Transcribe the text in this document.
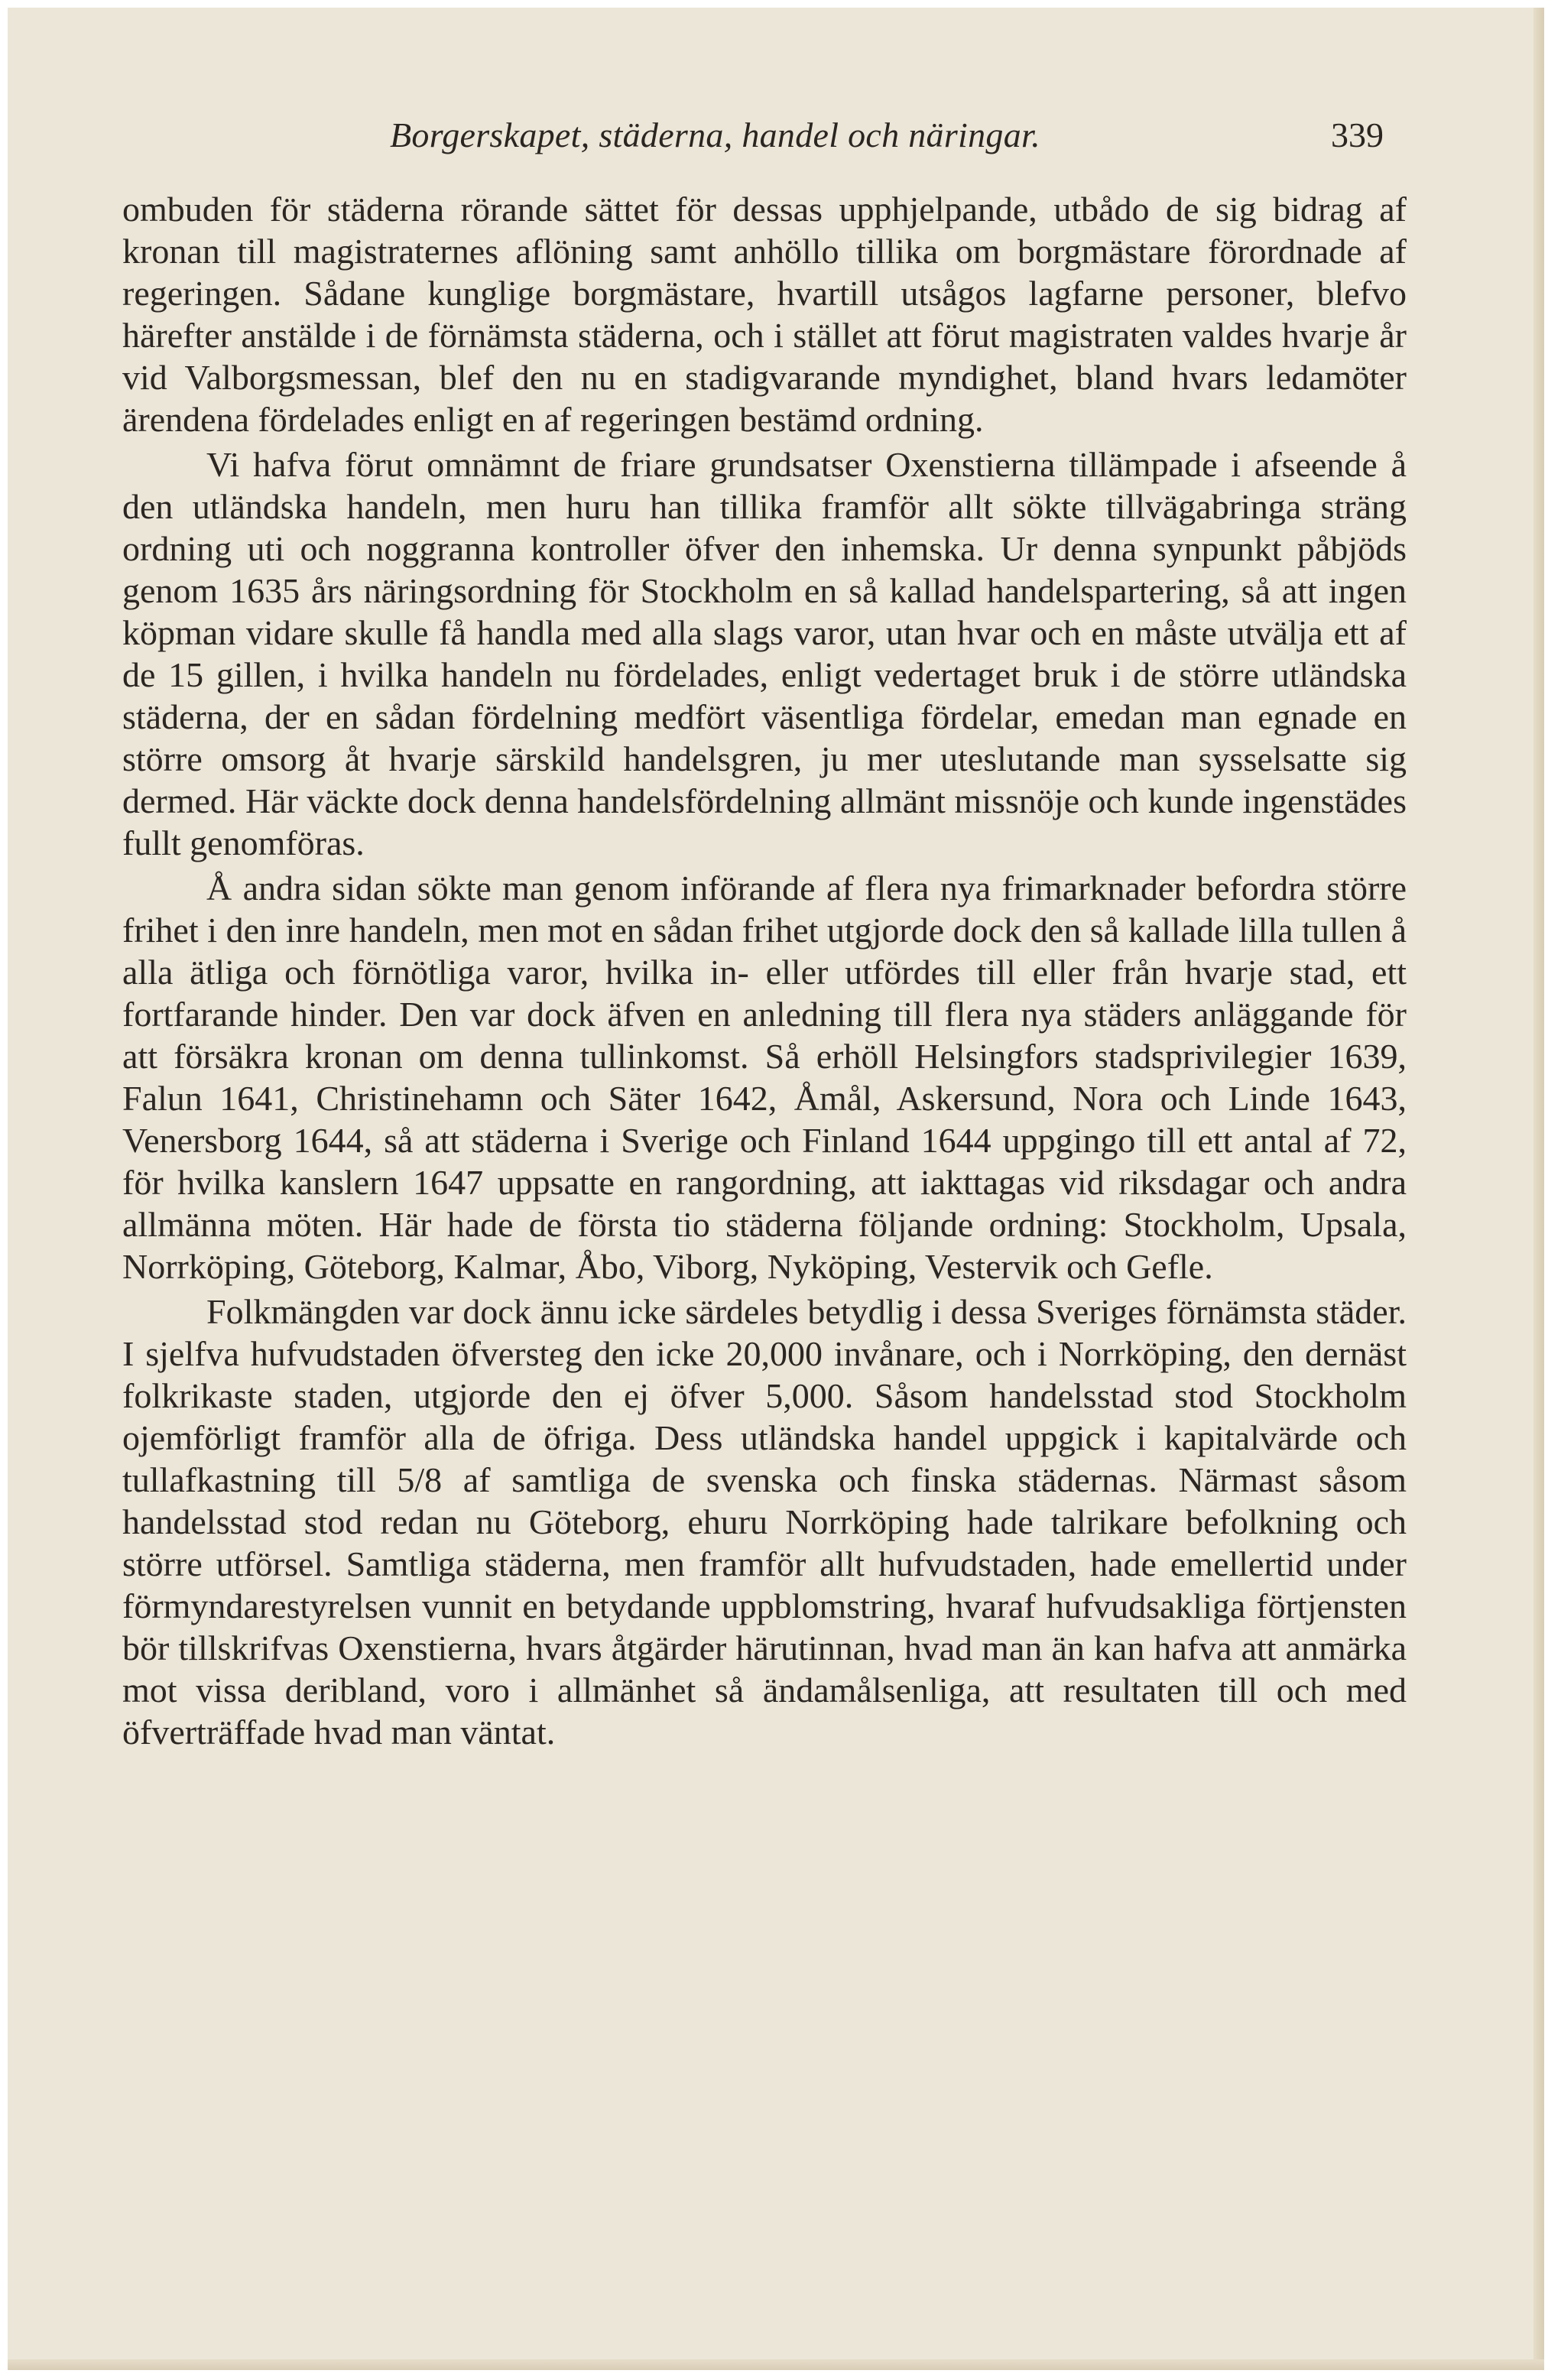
Borgerskapet, städerna, handel och näringar.	339

ombuden för städerna rörande sättet för dessas upphjelpande, utbådo de sig bidrag af kronan till magistraternes aflöning samt anhöllo tillika om borgmästare förordnade af regeringen. Sådane kunglige borgmästare, hvartill utsågos lagfarne personer, blefvo härefter anstälde i de förnämsta städerna, och i stället att förut magistraten valdes hvarje år vid Valborgsmessan, blef den nu en stadigvarande myndighet, bland hvars ledamöter ärendena fördelades enligt en af regeringen bestämd ordning.

Vi hafva förut omnämnt de friare grundsatser Oxenstierna tillämpade i afseende å den utländska handeln, men huru han tillika framför allt sökte tillvägabringa sträng ordning uti och noggranna kontroller öfver den inhemska. Ur denna synpunkt påbjöds genom 1635 års näringsordning för Stockholm en så kallad handelspartering, så att ingen köpman vidare skulle få handla med alla slags varor, utan hvar och en måste utvälja ett af de 15 gillen, i hvilka handeln nu fördelades, enligt vedertaget bruk i de större utländska städerna, der en sådan fördelning medfört väsentliga fördelar, emedan man egnade en större omsorg åt hvarje särskild handelsgren, ju mer uteslutande man sysselsatte sig dermed. Här väckte dock denna handelsfördelning allmänt missnöje och kunde ingenstädes fullt genomföras.

Å andra sidan sökte man genom införande af flera nya frimarknader befordra större frihet i den inre handeln, men mot en sådan frihet utgjorde dock den så kallade lilla tullen å alla ätliga och förnötliga varor, hvilka in- eller utfördes till eller från hvarje stad, ett fortfarande hinder. Den var dock äfven en anledning till flera nya städers anläggande för att försäkra kronan om denna tullinkomst. Så erhöll Helsingfors stadsprivilegier 1639, Falun 1641, Christinehamn och Säter 1642, Åmål, Askersund, Nora och Linde 1643, Venersborg 1644, så att städerna i Sverige och Finland 1644 uppgingo till ett antal af 72, för hvilka kanslern 1647 uppsatte en rangordning, att iakttagas vid riksdagar och andra allmänna möten. Här hade de första tio städerna följande ordning: Stockholm, Upsala, Norrköping, Göteborg, Kalmar, Åbo, Viborg, Nyköping, Vestervik och Gefle.

Folkmängden var dock ännu icke särdeles betydlig i dessa Sveriges förnämsta städer. I sjelfva hufvudstaden öfversteg den icke 20,000 invånare, och i Norrköping, den dernäst folkrikaste staden, utgjorde den ej öfver 5,000. Såsom handelsstad stod Stockholm ojemförligt framför alla de öfriga. Dess utländska handel uppgick i kapitalvärde och tullafkastning till 5/8 af samtliga de svenska och finska städernas. Närmast såsom handelsstad stod redan nu Göteborg, ehuru Norrköping hade talrikare befolkning och större utförsel. Samtliga städerna, men framför allt hufvudstaden, hade emellertid under förmyndarestyrelsen vunnit en betydande uppblomstring, hvaraf hufvudsakliga förtjensten bör tillskrifvas Oxenstierna, hvars åtgärder härutinnan, hvad man än kan hafva att anmärka mot vissa deribland, voro i allmänhet så ändamålsenliga, att resultaten till och med öfverträffade hvad man väntat.
